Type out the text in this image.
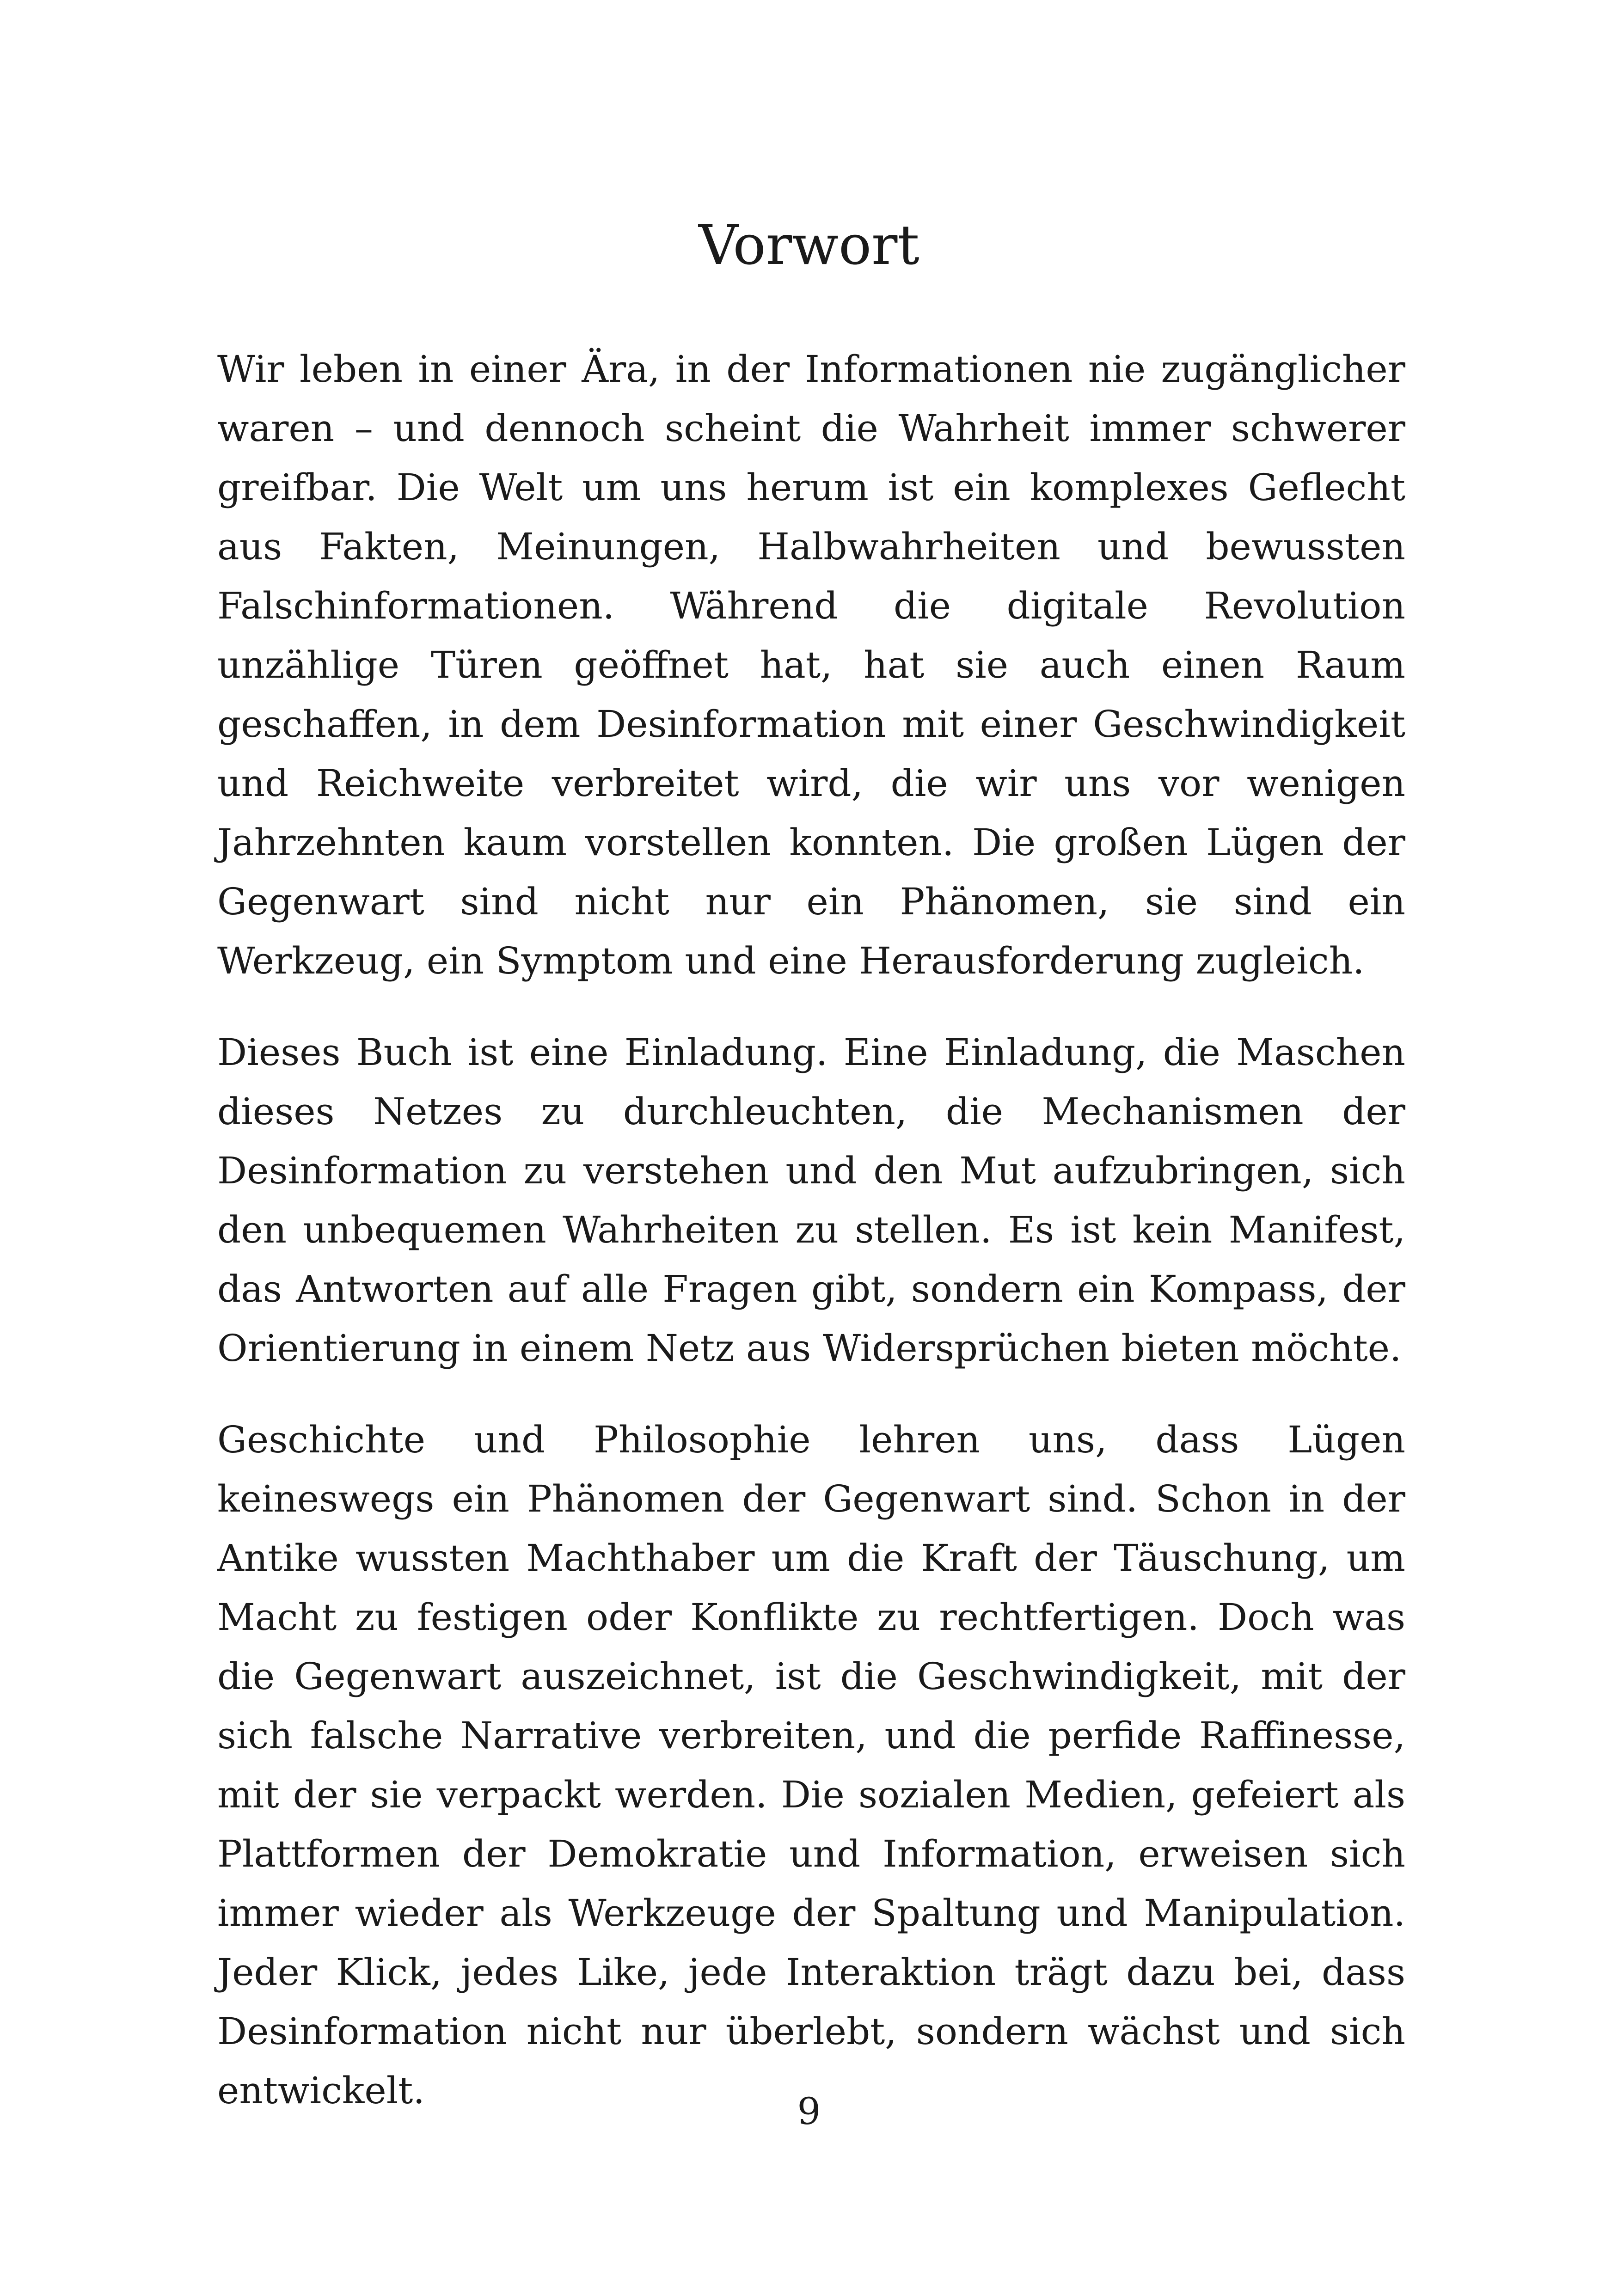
Vorwort

Wir leben in einer Ära, in der Informationen nie zugänglicher waren – und dennoch scheint die Wahrheit immer schwerer greifbar. Die Welt um uns herum ist ein komplexes Geflecht aus Fakten, Meinungen, Halbwahrheiten und bewussten Falschinformationen. Während die digitale Revolution unzählige Türen geöffnet hat, hat sie auch einen Raum geschaffen, in dem Desinformation mit einer Geschwindigkeit und Reichweite verbreitet wird, die wir uns vor wenigen Jahrzehnten kaum vorstellen konnten. Die großen Lügen der Gegenwart sind nicht nur ein Phänomen, sie sind ein Werkzeug, ein Symptom und eine Herausforderung zugleich.

Dieses Buch ist eine Einladung. Eine Einladung, die Maschen dieses Netzes zu durchleuchten, die Mechanismen der Desinformation zu verstehen und den Mut aufzubringen, sich den unbequemen Wahrheiten zu stellen. Es ist kein Manifest, das Antworten auf alle Fragen gibt, sondern ein Kompass, der Orientierung in einem Netz aus Widersprüchen bieten möchte.

Geschichte und Philosophie lehren uns, dass Lügen keineswegs ein Phänomen der Gegenwart sind. Schon in der Antike wussten Machthaber um die Kraft der Täuschung, um Macht zu festigen oder Konflikte zu rechtfertigen. Doch was die Gegenwart auszeichnet, ist die Geschwindigkeit, mit der sich falsche Narrative verbreiten, und die perfide Raffinesse, mit der sie verpackt werden. Die sozialen Medien, gefeiert als Plattformen der Demokratie und Information, erweisen sich immer wieder als Werkzeuge der Spaltung und Manipulation. Jeder Klick, jedes Like, jede Interaktion trägt dazu bei, dass Desinformation nicht nur überlebt, sondern wächst und sich entwickelt.	9
